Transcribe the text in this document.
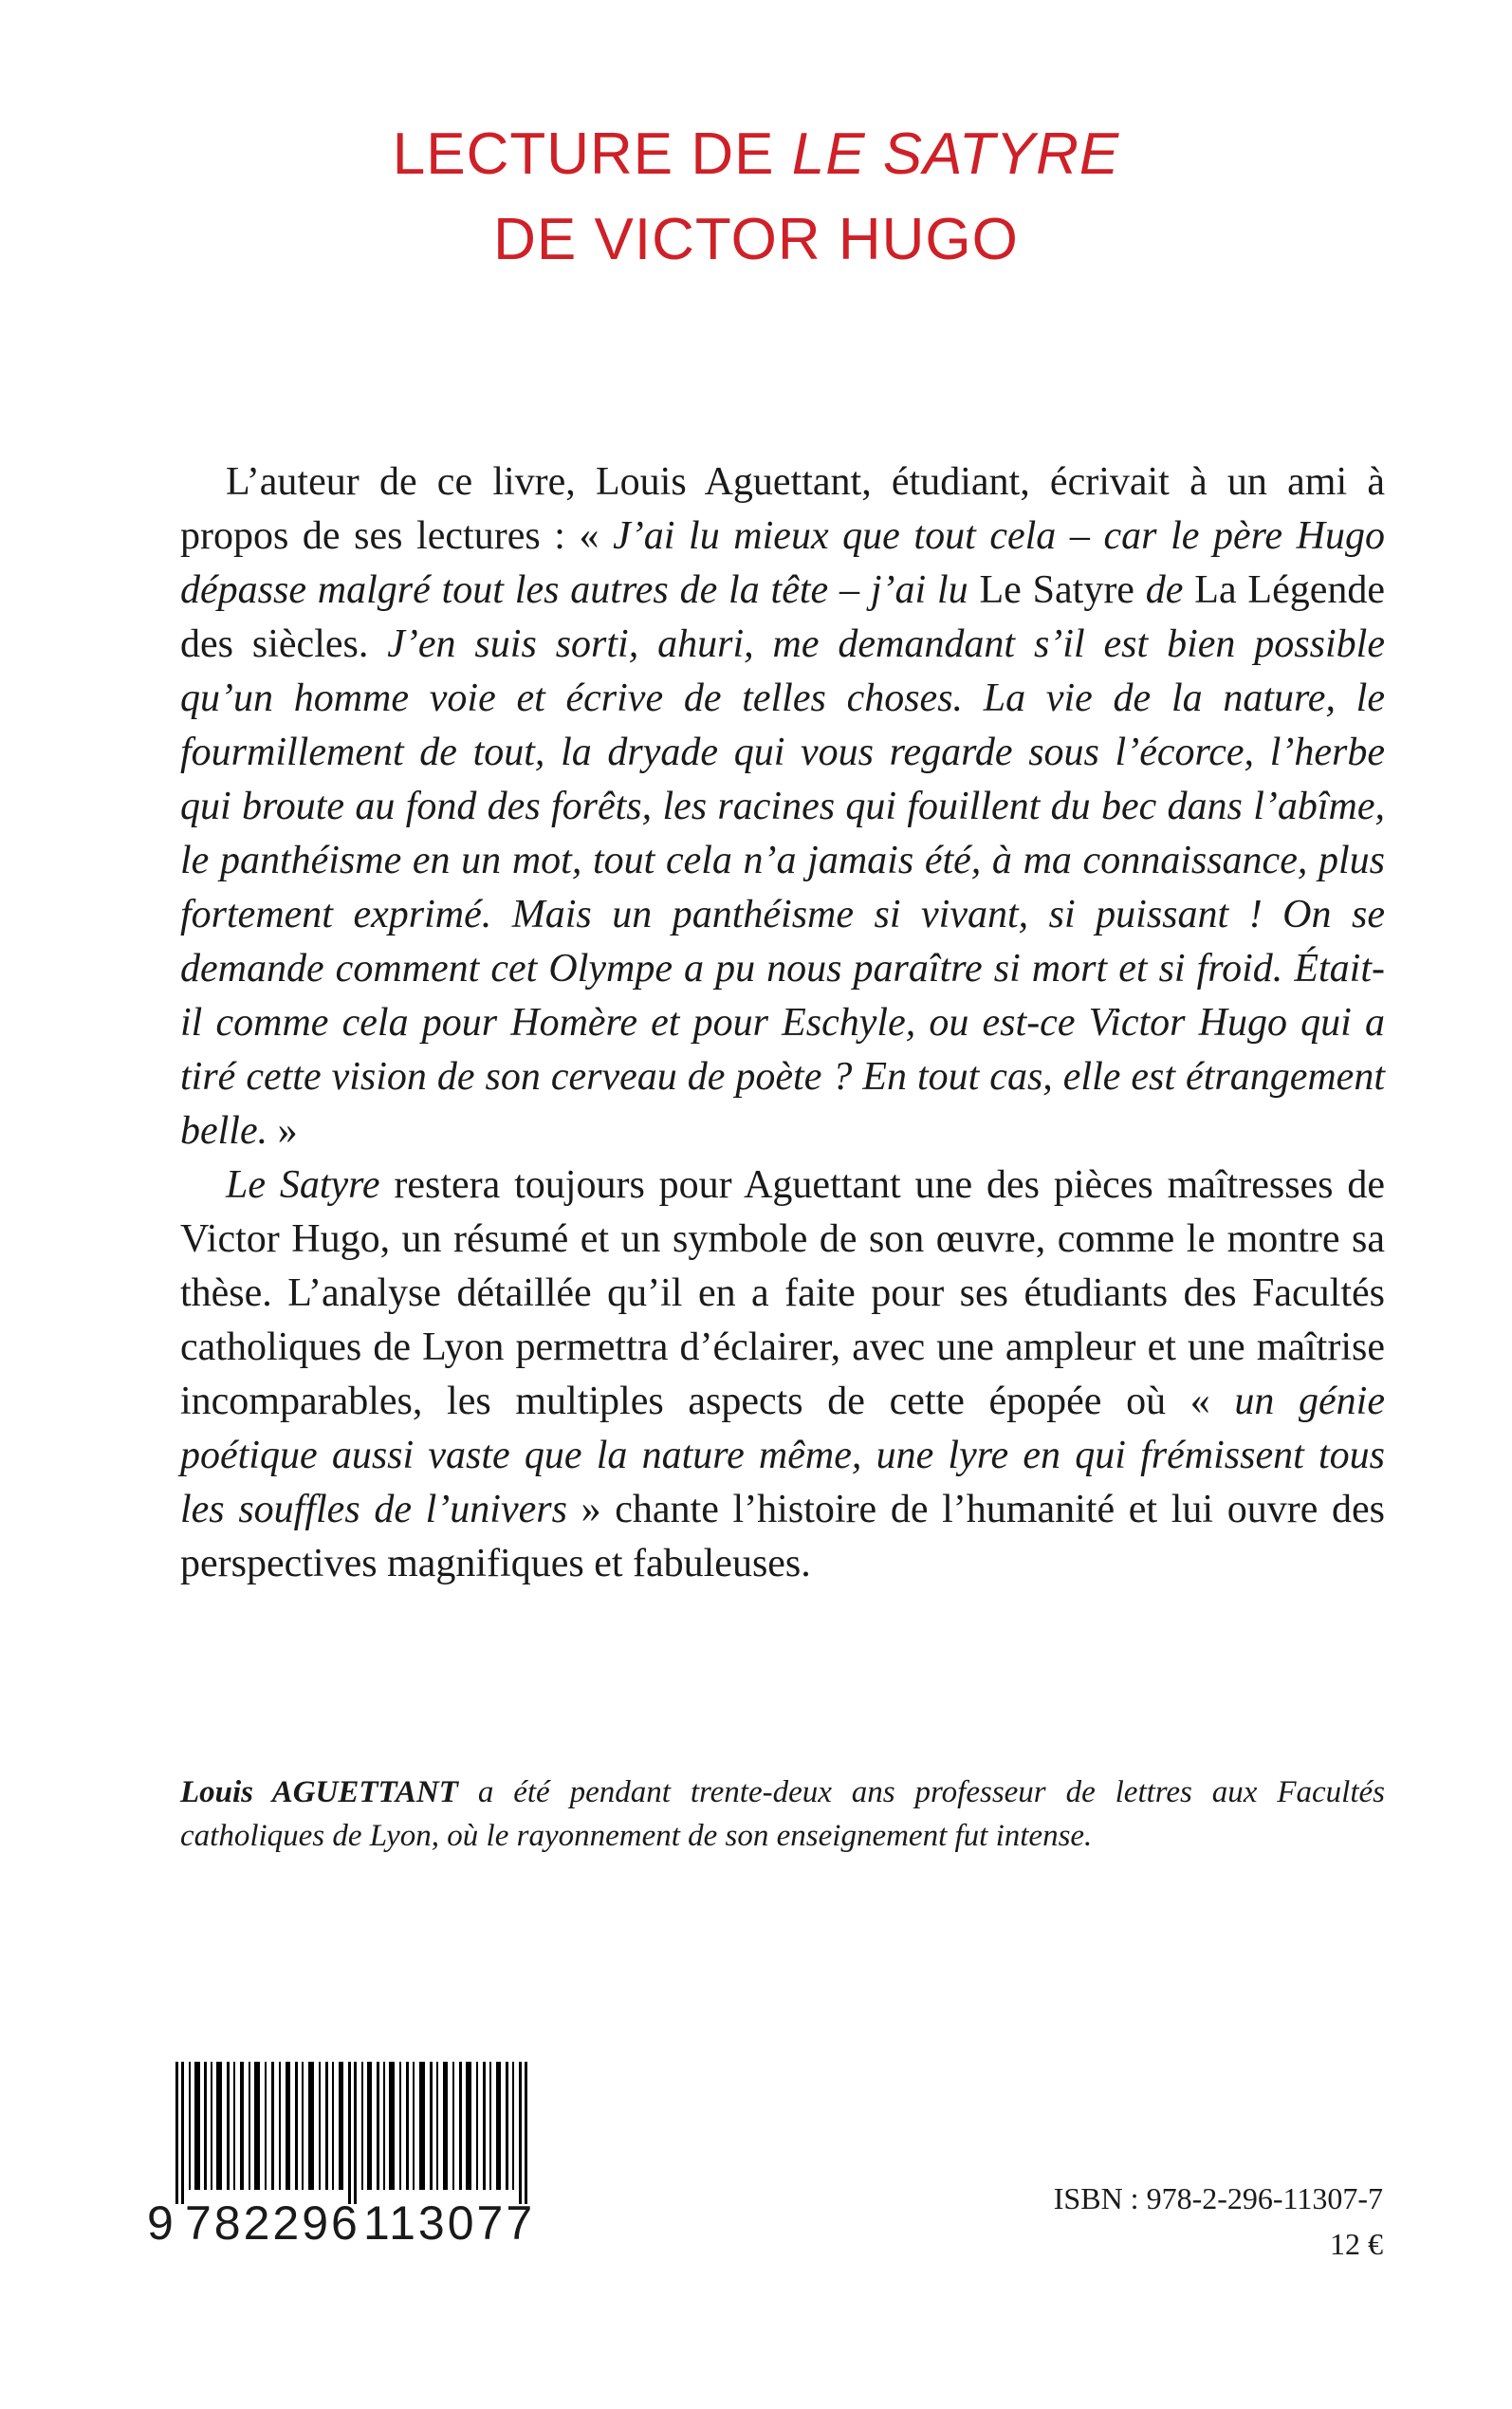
LECTURE DE LE SATYRE
DE VICTOR HUGO

L’auteur de ce livre, Louis Aguettant, étudiant, écrivait à un ami à propos de ses lectures : « J’ai lu mieux que tout cela – car le père Hugo dépasse malgré tout les autres de la tête – j’ai lu Le Satyre de La Légende des siècles. J’en suis sorti, ahuri, me demandant s’il est bien possible qu’un homme voie et écrive de telles choses. La vie de la nature, le fourmillement de tout, la dryade qui vous regarde sous l’écorce, l’herbe qui broute au fond des forêts, les racines qui fouillent du bec dans l’abîme, le panthéisme en un mot, tout cela n’a jamais été, à ma connaissance, plus fortement exprimé. Mais un panthéisme si vivant, si puissant ! On se demande comment cet Olympe a pu nous paraître si mort et si froid. Était-il comme cela pour Homère et pour Eschyle, ou est-ce Victor Hugo qui a tiré cette vision de son cerveau de poète ? En tout cas, elle est étrangement belle. »

Le Satyre restera toujours pour Aguettant une des pièces maîtresses de Victor Hugo, un résumé et un symbole de son œuvre, comme le montre sa thèse. L’analyse détaillée qu’il en a faite pour ses étudiants des Facultés catholiques de Lyon permettra d’éclairer, avec une ampleur et une maîtrise incomparables, les multiples aspects de cette épopée où « un génie poétique aussi vaste que la nature même, une lyre en qui frémissent tous les souffles de l’univers » chante l’histoire de l’humanité et lui ouvre des perspectives magnifiques et fabuleuses.

Louis AGUETTANT a été pendant trente-deux ans professeur de lettres aux Facultés catholiques de Lyon, où le rayonnement de son enseignement fut intense.
9 782296 113077	ISBN : 978-2-296-11307-7
12 €
